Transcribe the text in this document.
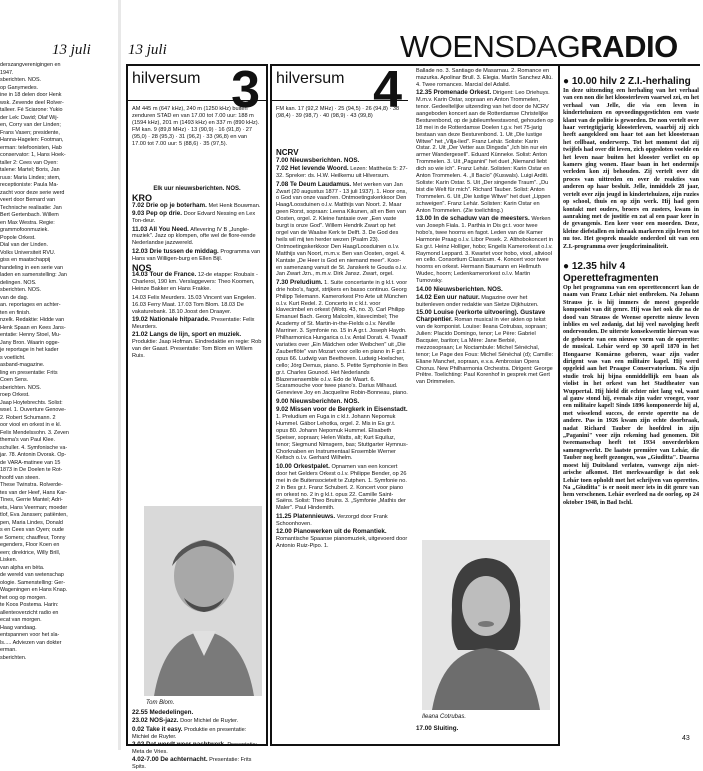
13 juli 13 juli	WOENSDAGRADIO

derszangverenigingen en

1947.

sberichten. NOS.

op Ganymedes.

ine in 18 delen door Henk

wsk. Zevende deel Rolver-

talleer. Fé Sciarone: Yukio

der Lek: David; Olaf Wij-

en, Corry van der Linden;

Frans Vasen; presidente,

Hanna-Hagelen: Footman,

erman: telefoonisten, Hab

conservator: 1, Hans Hoek-

taller 2: Cees van Oyen:

talene: Martel; Boris, Jan

ruus: Maria Lindes; stem,

receptioniste: Paula Ma-

zacht voor deze serie werd

veert door Bernard van

Technische realisatie: Jan

Bert Gertenbach. Willem

en Max Westra. Regie:

grammofoonmuziek.

Popole Orkest.

Dial van der Linden.

Volks Universiteit RVU.

giss en maatschappij

handeling in een serie van

laden en samenstelling: Jan

delingen. NOS.

sberichten. NOS.

van de dag.

an. reportages en achter-

ten en finish.

nzelk. Redaktie: Hidde van

Henk Spaan en Kees Jans-

entatie: Henny Stoel, Mu-

Jany Bron. Waarin ogge-

je reportage in het kader

s voetlicht.

asband-magazine.

ling en presentatie: Frits

Coen Sens.

sberichten. NOS.

roep Orkest.

Jaap Hoytebrechts. Solist:

wsel. 1. Ouverture Genove-

2. Robert Schumann. 2

oor viool en orkest in e kl.

Felix Mendelssohn. 3. Zeven

thema's van Paul Klee.

schuller. 4. Symfonische va-

jar. 78. Antonin Dvorak. Op-

de VARA-matinee van 15

1873 in De Doelen te Rot-

hoofd van steen.

These Twinstra. Rolverde-

tes van der Heef, Hans Kar-

Tines, Gerrie Mantel; Adri-

ets, Hans Veerman; moeder

tlof, Eva Janssen; patiënten,

pen, Maria Lindes, Donald

s en Cees van Oyen; oude

e Somers; chauffeur, Tonny

egenders, Floor Koen en

een; direktrice, Willy Brill,

Lisken.

van alpha en bèta.

de wereld van wetenschap

ologie. Samenstelling: Ger-

Wageningen en Hans Knap.

het oog op morgen.

te Koos Postema. Harin:

allenteoverzicht radio en

ecat van morgen.

Haag vandaag.

entspannen voor het sla-

ls..... Adviezen van dokter

erman.

sberichten.

hilversum 3
AM 445 m (647 kHz), 240 m (1250 kHz) buiten zenduren STAD en van 17.00 tot 7.00 uur: 188 m (1594 kHz), 201 m (1493 kHz) en 337 m (890 kHz). FM kan. 9 (89,8 MHz) · 13 (90,9) · 16 (91,8) · 27 (95,0) · 28 (95,3) · 31 (96,2) · 33 (96,8) en van 17.00 tot 7.00 uur: 5 (88,6) · 35 (97,5).
Elk uur nieuwsberichten. NOS.
KRO
7.02 Drie op je boterham. Met Henk Bouwman.
9.03 Pep op drie. Door Edvard Nessing en Lex Ton-deur.
11.03 All You Need. Aflevering IV B „Jungle-muziek". Jazz op klompen, ofte wel de flore-rende Nederlandse jazzwereld.
12.03 Drie tussen de middag. Programma van Hans van Willigen-burg en Ellen Bijl.
NOS
14.03 Tour de France. 12-de etappe: Roubaix - Charleroi, 190 km. Verslaggevers: Theo Koomen, Heinze Bakker en Hans Frakke.
14.03 Felix Meurders. 15.03 Vincent van Engelen. 16.03 Ferry Maat. 17.03 Tom Blom. 18.03 De vakaturebank. 18.10 Joost den Draayer.
19.02 Nationale hitparade. Presentatie: Felix Meurders.
21.02 Langs de lijn, sport en muziek. Produktie: Jaap Hofman. Eindredaktie en regie: Rob van der Gaast. Presentatie: Tom Blom en Willem Ruis.
Tom Blom.
22.55 Mededelingen.
23.02 NOS-jazz. Door Michiel de Ruyter.
0.02 Take it easy. Produktie en presentatie: Michiel de Ruyter.
2.02 Dat wordt weer nachtwerk. Presentatie: Meta de Vries.
4.02-7.00 De achternacht. Presentatie: Frits Spits.
hilversum 4
FM kan. 17 (92,2 MHz) · 25 (94,5) · 26 (94,8) · 38 (98,4) · 39 (98,7) · 40 (98,9) · 43 (99,8)
NCRV
7.00 Nieuwsberichten. NOS.
7.02 Het levende Woord. Lezen: Mattheüs 5: 27-32. Spreker: ds. H.W. Heilkemu uit Hilversum.
7.08 Te Deum Laudamus. Met werken van Jan Zwart (20 augustus 1877 - 13 juli 1937). 1. Hoor ons, o God van onze vaad'ren. Ontmoetingskerkkoor Den Haag/Loosduinen o.l.v. Matthijs van Noort. 2. Maar geen Rorst, sopraan: Leena Kikunen, alt en Ben van Oosten, orgel. 2. Kleine fantasie over „Een vaste burgt is onze God". Willem Hendrik Zwart op het orgel van de Waalse Kerk te Delft. 3. De God des heils wil mij ten herder wezen (Psalm 23). Ontmoetingskerkkoor Den Haag/Loosduinen o.l.v. Matthijs van Noort, m.m.v. Ben van Oosten, orgel. 4. Kantate „De Heer is God en niemand meer". Koor- en samenzang vanuit de St. Janskerk te Gouda o.l.v. Jan Zwart Jzn., m.m.v. Dirk Jansz. Zwart, orgel.
7.30 Preludium. 1. Suite concertante in g kl.t. voor drie hobo's, fagot, strijkers en basso continuo. Georg Philipp Telemann. Kamerorkest Pro Arte uit München o.l.v. Kurt Redel. 2. Concerto in c kl.t. voor klavecimbel en orkest (Wotq. 43, no. 3). Carl Philipp Emanuel Bach. Georg Malcolm, klavecimbel; The Academy of St. Martin-in-the-Fields o.l.v. Neville Marriner. 3. Symfonie no. 15 in A gr.t. Joseph Haydn. Philharmonica Hungarica o.l.v. Antal Dorati. 4. Twaalf variaties over „Ein Mädchen oder Weibchen" uit „Die Zauberflöte" van Mozart voor cello en piano in F gr.t. opus 66. Ludwig van Beethoven. Ludwig Hoelscher, cello; Jörg Demus, piano. 5. Petite Symphonie in Bes gr.t. Charles Gounod. Het Nederlands Blazersensemble o.l.v. Edo de Waart. 6. Scaramouche voor twee piano's. Darius Milhaud. Genevieve Joy en Jacqueline Robin-Bonneau, piano.
9.00 Nieuwsberichten. NOS.
9.02 Missen voor de Bergkerk in Eisenstadt. 1. Preludium en Fuga in c kl.t. Johann Nepomuk Hummel. Gábor Lehotka, orgel. 2. Mis in Es gr.t. opus 80. Johann Nepomuk Hummel. Elisabeth Speiser, sopraan; Helen Watts, alt; Kurt Equiluz, tenor; Siegmund Nimsgern, bas; Stuttgarter Hymnus-Chorknaben en Instrumentaal Ensemble Werner Keltsch o.l.v. Gerhard Wilhelm.
10.00 Orkestpalet. Opnamen van een koncert door het Gelders Orkest o.l.v. Philippe Bender, op 26 mei in de Buitensocieteit te Zutphen. 1. Symfonie no. 2 in Bes gr.t. Franz Schubert. 2. Koncert voor piano en orkest no. 2 in g kl.t. opus 22. Camille Saint-Saëns. Solist: Theo Bruins. 3. „Symfonie „Mathis der Maler". Paul Hindemith.
11.25 Platennieuws. Verzorgd door Frank Schoonhoven.
12.00 Pianowerken uit de Romantiek. Romantische Spaanse pianomuziek, uitgevoerd door Antonio Ruiz-Pipo. 1.
Ballade no. 3. Santiago de Masarnau. 2. Romance en mazurka. Apolinar Brull. 3. Elegia. Martín Sanchez Allú. 4. Twee romances. Marcial del Adalid.
12.35 Promenade Orkest. Dirigent: Leo Driehuys. M.m.v. Karin Ostar, sopraan en Anton Trommelen, tenor. Gedeeltelijke uitzending van het door de NCRV aangeboden koncert aan de Rotterdamse Christelijke Besturenbond, op de jubileumfeestavond, gehouden op 18 mei in de Rotterdamse Doelen t.g.v. het 75-jarig bestaan van deze Besturenbond. 1. Uit „Die lustige Witwe" het „Vilja-lied". Franz Lehár. Soliste: Karin Ostar. 2. Uit „Der Vetter aus Dingsda" „Ich bin nur ein armer Wandergesell". Eduard Künneke. Solist: Anton Trommelen. 3. Uit „Paganini" het duet „Niemand liebt dich so wie ich". Franz Lehár. Solisten: Karin Ostar en Anton Trommelen. 4. „Il Bacio" (Kuswals). Luigi Arditi. Soliste: Karin Ostar. 5. Uit „Der singende Traum". „Du bist die Welt für mich". Richard Tauber. Solist: Anton Trommelen. 6. Uit „Die lustige Witwe" het duet „Lippen schweigen". Franz Lehár. Solisten: Karin Ostar en Anton Trommelen. (Zie toelichting.)
13.00 In de schaduw van de meesters. Werken van Joseph Fiala. 1. Parthia in Dis gr.t. voor twee hobo's, twee hoorns en fagot. Leden van de Kamer Harmonie Praag o.l.v. Libor Pesek. 2. Althobokoncert in Es gr.t. Heinz Holliger, hobo; Engelis Kamerorkest o.l.v. Raymond Leppard. 3. Kwartet voor hobo, viool, altviool en cello. Consortium Classicum. 4. Koncert voor twee hoorns en orkest. Hermann Baumann en Hellmuth Wudec, hoorn; Ledenkamerorkest o.l.v. Martin Turnovsky.
14.00 Nieuwsberichten. NOS.
14.02 Een uur natuur. Magazine over het buitenleven onder redaktie van Sietze Dijkhuizen.
15.00 Louise (verkorte uitvoering). Gustave Charpentier. Roman musical in vier akten op tekst van de komponist. Louise: Ileana Cotrubas, sopraan; Julien: Placido Domingo, tenor; Le Père: Gabriel Bacquier, bariton; La Mère: Jane Berbié, mezzosopraan; Le Noctambule: Michel Sénéchal, tenor; Le Page des Fous: Michel Sénéchal (d); Camille: Eliane Manchet, sopraan, e.v.a. Ambrosian Opera Chorus. New Philharmonia Orchestra. Dirigent: George Prêtre. Toelichting: Paul Korenhof in gesprek met Gert van Drimmelen.
Ileana Cotrubas.
17.00 Sluiting.

● 10.00 hilv 2 Z.I.-herhaling

In deze uitzending een herhaling van het verhaal van een non die het kloosterleven vaarwel zei, en het verhaal van Jelle, die via een leven in kindertehuizen en opvoedingsgestichten een vaste klant van de politie is geworden. De non vertelt over haar vertegtigjarig kloosterleven, waarbij zij zich heeft aangekleed om haar tot aan het kloosteraan het cellbaat, onderwerp. Tot het moment dat zij twijfels had over dit leven, zich opgesloten voelde en het leven naar buiten het klooster verliet en op kamers ging wonen. Haar baan in het ondermijs verleden kon zij behouden. Zij vertelt over dit proces van uittreden en over de reakties van anderen op haar besluit. Jelle, inmiddels 28 jaar, vertelt over zijn jeugd in kindertehuizen, zijn ruzies op school, thuis en op zijn werk. Hij had geen kontakt met ouders, broers en zusters, kwam in aanraking met de justitie en zat al een paar keer in de gevangenis. Een keer voor een moorden. Deze, kleine diefstallen en inbraak markeren zijn leven tot nu toe. Het gesprek maakte onderdeel uit van een Z.I.-programma over jeugdcriminaliteit.

● 12.35 hilv 4 Operettefragmenten

Op het programma van een operetteconcert kan de naam van Franz Lehár niet ontbreken. Na Johann Strauss jr. is hij immers de meest gespeelde komponist van dit genre. Hij was het ook die na de dood van Strauss de Weense operette nieuw leven inblies en wel zodanig, dat hij veel navolging heeft ondervonden. De uiterste konsekwentie hiervan was de geboorte van een nieuwe vorm van de operette: de musical. Lehár werd op 30 april 1870 in het Hongaarse Komárno geboren, waar zijn vader dirigent was van een militaire kapel. Hij werd opgeleid aan het Praagse Conservatorium. Na zijn studie trok hij bijna onmiddellijk een baan als violist in het orkest van het Stadtheater van Wuppertal. Hij hield dit echter niet lang vol, want al gauw stond hij, evenals zijn vader vroeger, voor een militaire kapel! Sinds 1896 komponeerde hij al, met wisselend succes, de eerste operette na de andere. Pas in 1926 kwam zijn echte doorbraak, nadat Richard Tauber de hoofdrol in zijn „Paganini" voor zijn rekening had genomen. Dit tweemanschap heeft tot 1934 onverderbken samengewerkt. De laatste première van Lehár, die Tauber nog heeft gezongen, was „Giuditta". Daarna moest hij Duitsland verlaten, vanwege zijn niet-arische afkomst. Het merkwaardige is dat ook Lehár toen opholdt met het schrijven van operettes. Na „Giuditta" is er nooit meer iets in dit genre van hem verschenen. Lehár overleed na de oorlog, op 24 oktober 1948, in Bad Ischl.
43
